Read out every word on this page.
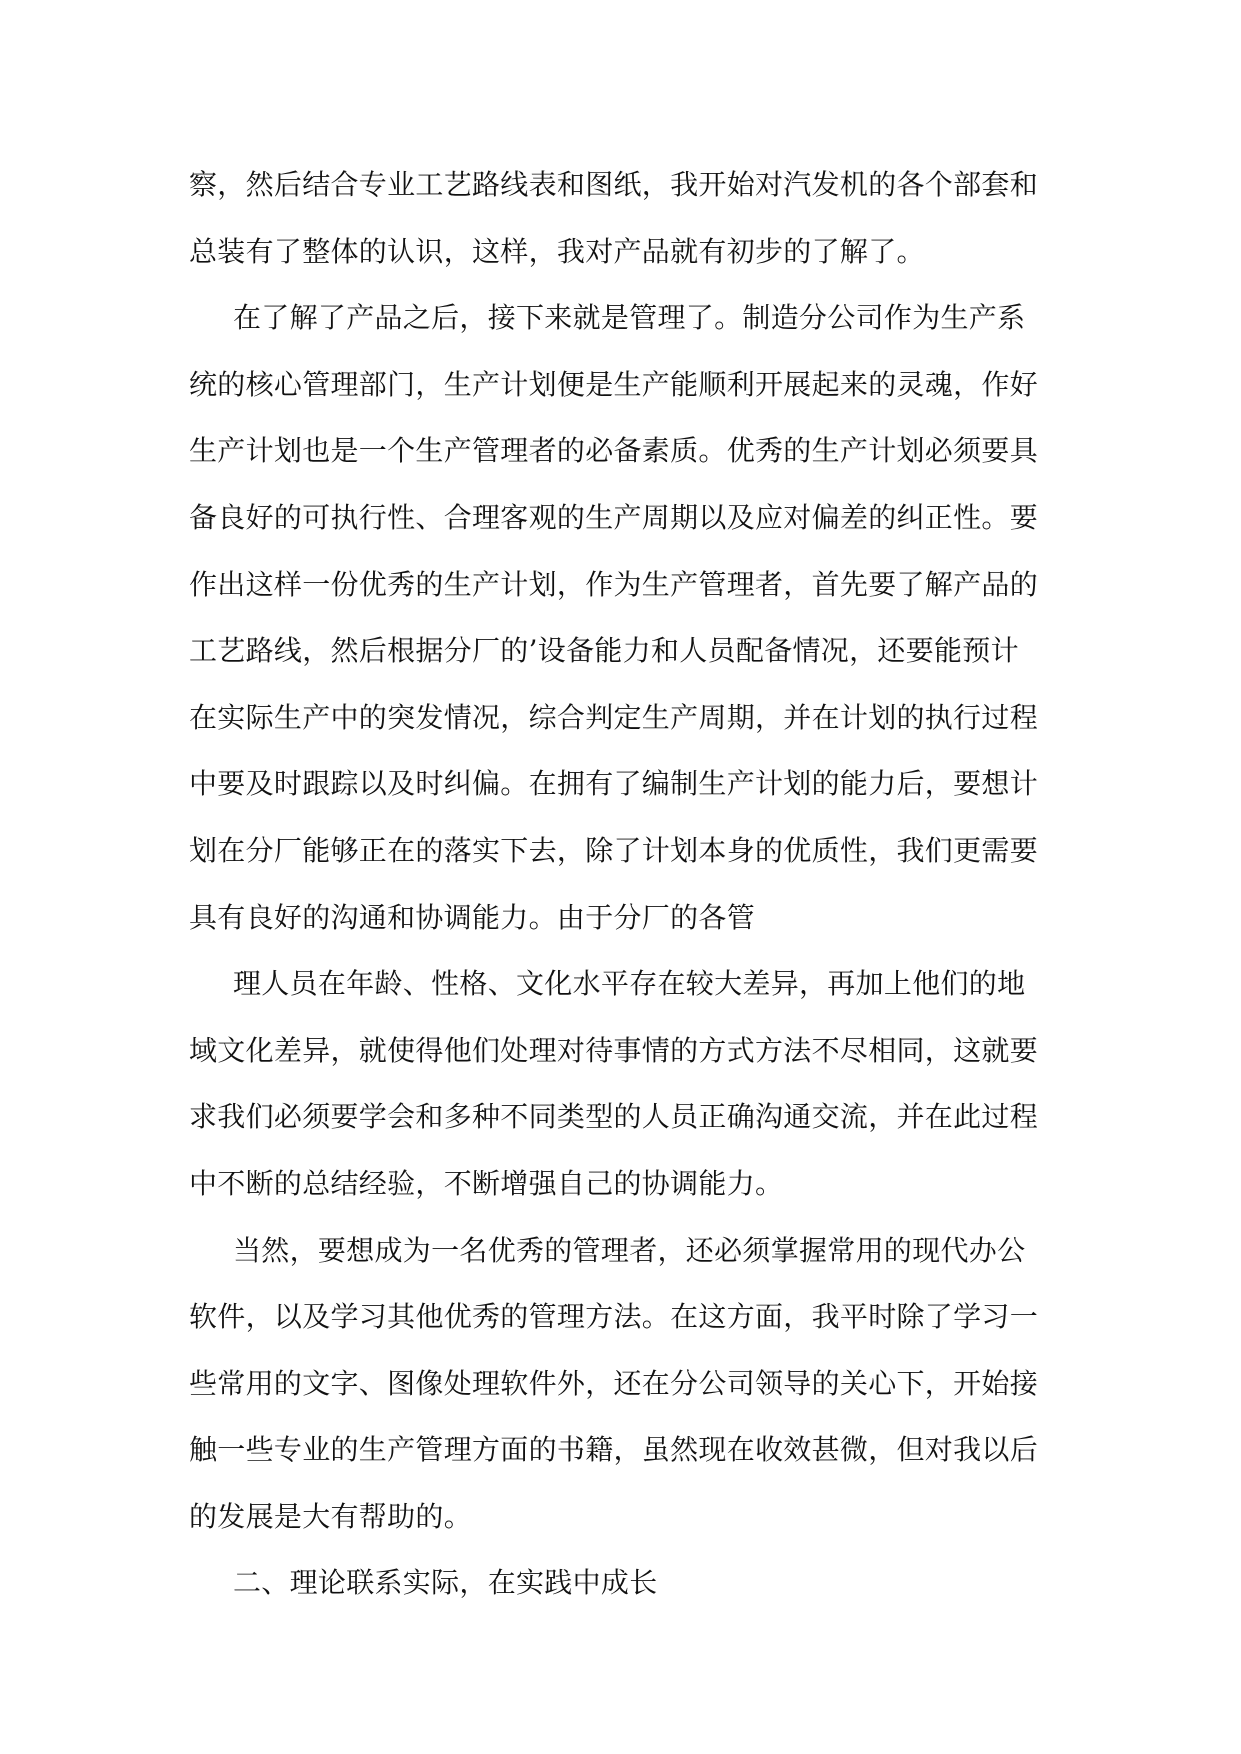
察，然后结合专业工艺路线表和图纸，我开始对汽发机的各个部套和
总装有了整体的认识，这样，我对产品就有初步的了解了。
在了解了产品之后，接下来就是管理了。制造分公司作为生产系
统的核心管理部门，生产计划便是生产能顺利开展起来的灵魂，作好
生产计划也是一个生产管理者的必备素质。优秀的生产计划必须要具
备良好的可执行性、合理客观的生产周期以及应对偏差的纠正性。要
作出这样一份优秀的生产计划，作为生产管理者，首先要了解产品的
工艺路线，然后根据分厂的’设备能力和人员配备情况，还要能预计
在实际生产中的突发情况，综合判定生产周期，并在计划的执行过程
中要及时跟踪以及时纠偏。在拥有了编制生产计划的能力后，要想计
划在分厂能够正在的落实下去，除了计划本身的优质性，我们更需要
具有良好的沟通和协调能力。由于分厂的各管
理人员在年龄、性格、文化水平存在较大差异，再加上他们的地
域文化差异，就使得他们处理对待事情的方式方法不尽相同，这就要
求我们必须要学会和多种不同类型的人员正确沟通交流，并在此过程
中不断的总结经验，不断增强自己的协调能力。
当然，要想成为一名优秀的管理者，还必须掌握常用的现代办公
软件，以及学习其他优秀的管理方法。在这方面，我平时除了学习一
些常用的文字、图像处理软件外，还在分公司领导的关心下，开始接
触一些专业的生产管理方面的书籍，虽然现在收效甚微，但对我以后
的发展是大有帮助的。
二、理论联系实际，在实践中成长
